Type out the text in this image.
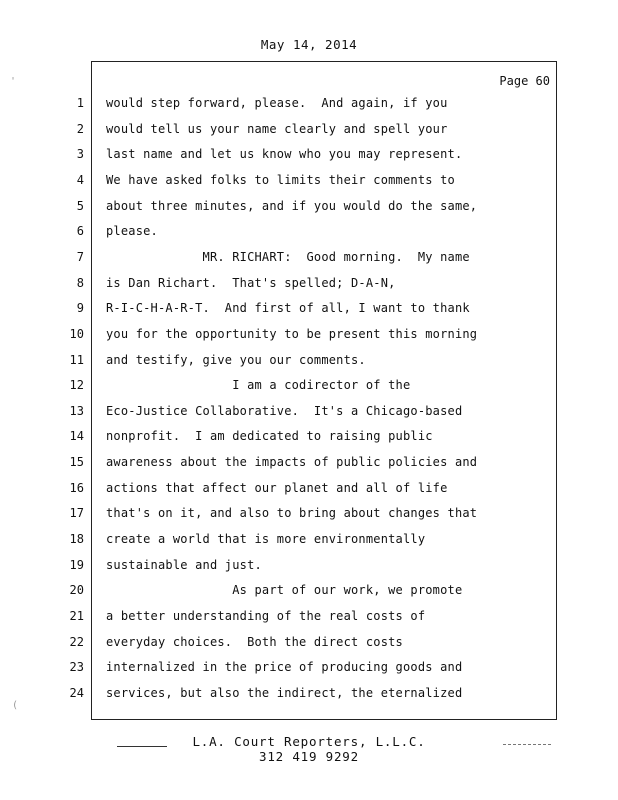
May 14, 2014
Page 60
1 would step forward, please.  And again, if you
2 would tell us your name clearly and spell your
3 last name and let us know who you may represent.
4 We have asked folks to limits their comments to
5 about three minutes, and if you would do the same,
6 please.
7 MR. RICHART:  Good morning.  My name
8 is Dan Richart.  That's spelled; D-A-N,
9 R-I-C-H-A-R-T.  And first of all, I want to thank
10 you for the opportunity to be present this morning
11 and testify, give you our comments.
12 I am a codirector of the
13 Eco-Justice Collaborative.  It's a Chicago-based
14 nonprofit.  I am dedicated to raising public
15 awareness about the impacts of public policies and
16 actions that affect our planet and all of life
17 that's on it, and also to bring about changes that
18 create a world that is more environmentally
19 sustainable and just.
20 As part of our work, we promote
21 a better understanding of the real costs of
22 everyday choices.  Both the direct costs
23 internalized in the price of producing goods and
24 services, but also the indirect, the eternalized
L.A. Court Reporters, L.L.C.
312 419 9292
'
(
